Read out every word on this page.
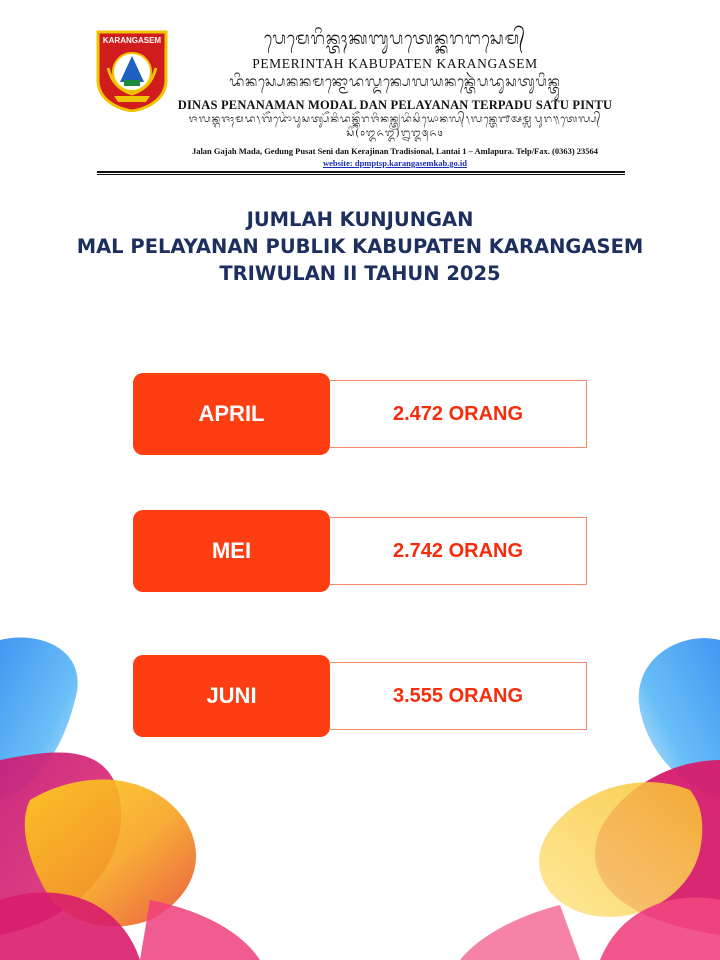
KARANGASEM	ᬧᬾᬫᬾᬭᬶᬦ᭄ᬢᬄᬓᬩᬸᬧᬢᬾᬦ᭄ᬓᬭᬗᬲᬾᬫ᭄
PEMERINTAH KABUPATEN KARANGASEM
ᬤᬶᬦᬲ᭄ᬧᬾᬦᬦᬫᬦ᭄ᬫᭀᬤᬮ᭄ᬤᬦ᭄ᬧᬾᬮᬬᬦᬦ᭄ᬢᬾᬃᬧᬤᬸᬲᬢᬸᬧᬶᬦ᭄ᬢᬸ
DINAS PENANAMAN MODAL DAN PELAYANAN TERPADU SATU PINTU
ᬚᬮᬦ᭄ᬕᬚᬄᬫᬤ᭞ᬕᭂᬤᭀᬂᬧᬸᬲᬢ᭄ᬲᭂᬦᬶᬤᬦ᭄ᬓᭂᬭᬚᬶᬦᬦ᭄ᬢ᭄ᬭᬤᬶᬲᬶᬬᭀᬦᬮ᭄᭞ᬮᬦ᭄ᬢᬾ᭑ᬅᬫ᭄ᬮᬧᬸᬭ᭟ᬢᬾᬮ᭄ᬧ᭄
ᬲᬶ(᭐᭓᭖᭓)᭒᭓᭕᭖᭔
Jalan Gajah Mada, Gedung Pusat Seni dan Kerajinan Tradisional, Lantai 1 – Amlapura. Telp/Fax. (0363) 23564
website: dpmptsp.karangasemkab.go.id
JUMLAH KUNJUNGAN
MAL PELAYANAN PUBLIK KABUPATEN KARANGASEM
TRIWULAN II TAHUN 2025
APRIL	2.472 ORANG
MEI	2.742 ORANG
JUNI	3.555 ORANG
